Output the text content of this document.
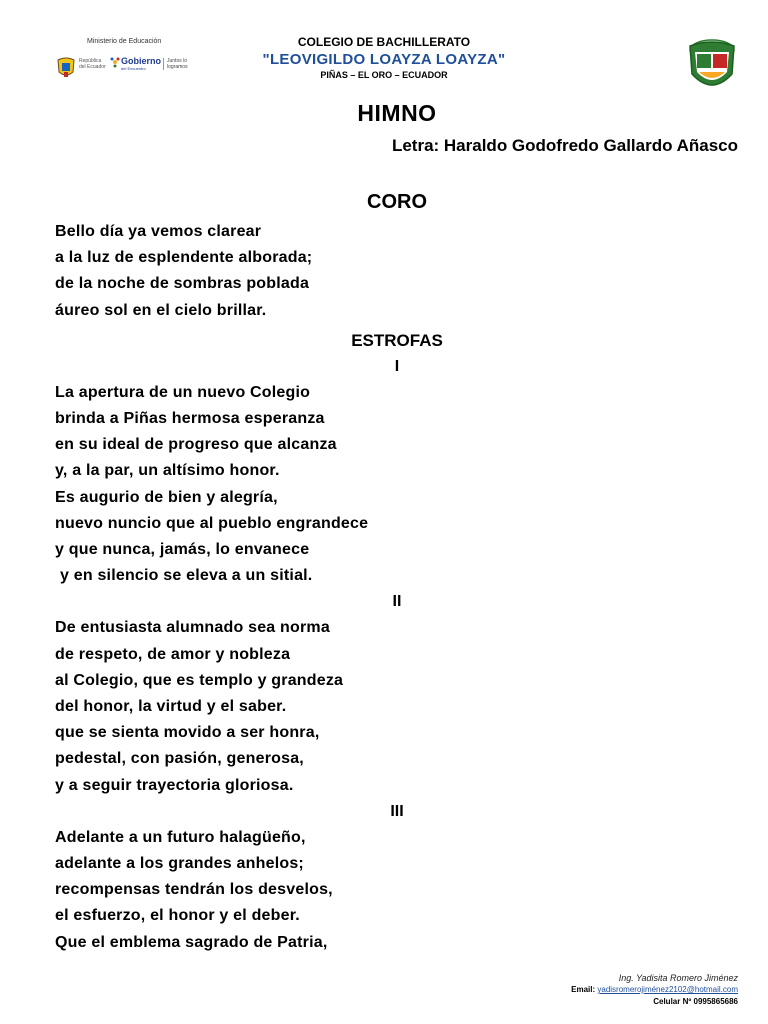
Ministerio de Educación
República del Ecuador
Gobierno
del Encuentro
Juntos lo logramos
COLEGIO DE BACHILLERATO
"LEOVIGILDO LOAYZA LOAYZA"
PIÑAS – EL ORO – ECUADOR
HIMNO
Letra: Haraldo Godofredo Gallardo Añasco
CORO
Bello día ya vemos clarear
a la luz de esplendente alborada;
de la noche de sombras poblada
áureo sol en el cielo brillar.
ESTROFAS
I
La apertura de un nuevo Colegio
brinda a Piñas hermosa esperanza
en su ideal de progreso que alcanza
y, a la par, un altísimo honor.
Es augurio de bien y alegría,
nuevo nuncio que al pueblo engrandece
y que nunca, jamás, lo envanece
y en silencio se eleva a un sitial.
II
De entusiasta alumnado sea norma
de respeto, de amor y nobleza
al Colegio, que es templo y grandeza
del honor, la virtud y el saber.
que se sienta movido a ser honra,
pedestal, con pasión, generosa,
y a seguir trayectoria gloriosa.
III
Adelante a un futuro halagüeño,
adelante a los grandes anhelos;
recompensas tendrán los desvelos,
el esfuerzo, el honor y el deber.
Que el emblema sagrado de Patria,
Ing. Yadisita Romero Jiménez
Email: yadisromerojiménez2102@hotmail.com
Celular Nº 0995865686
